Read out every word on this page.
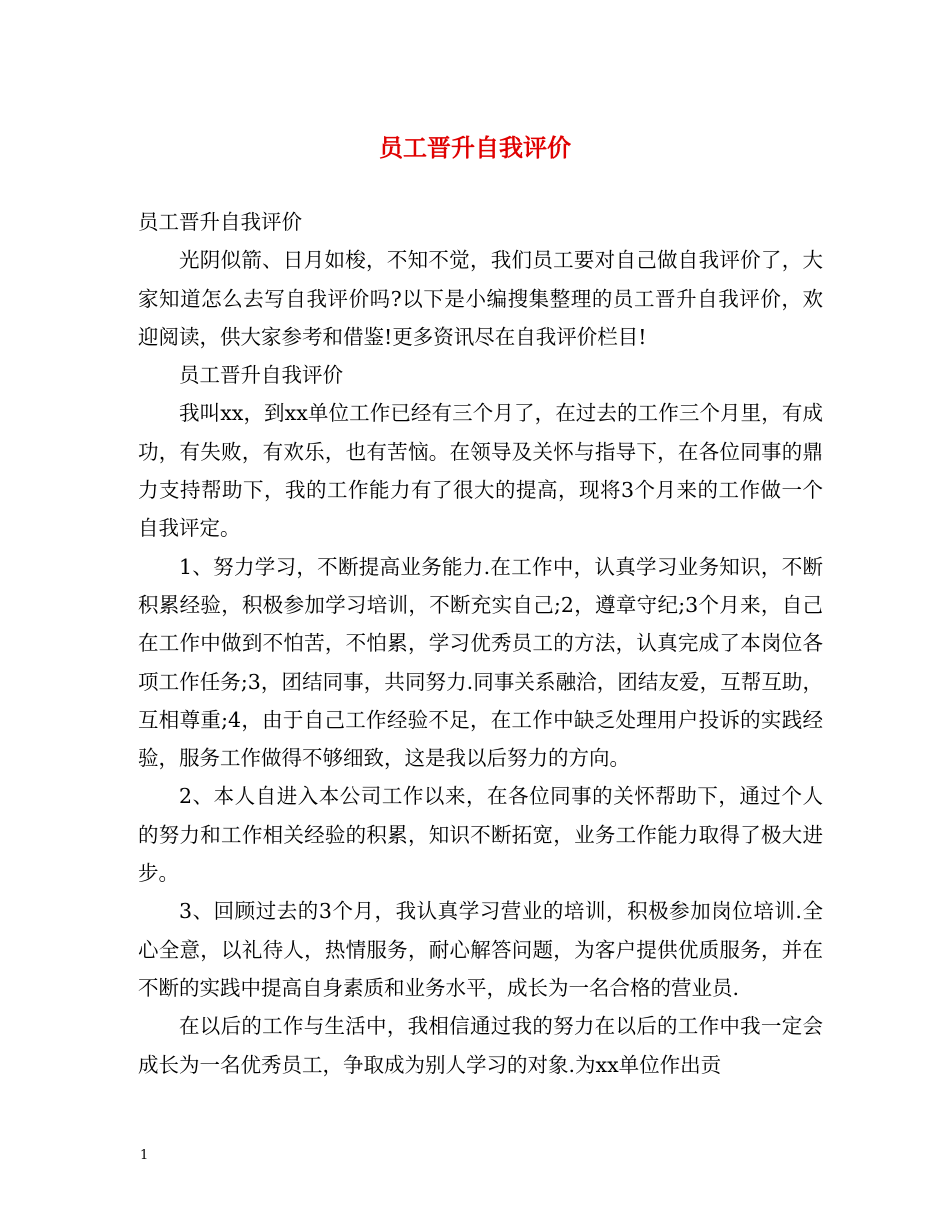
员工晋升自我评价

员工晋升自我评价

光阴似箭、日月如梭，不知不觉，我们员工要对自己做自我评价了，大家知道怎么去写自我评价吗?以下是小编搜集整理的员工晋升自我评价，欢迎阅读，供大家参考和借鉴!更多资讯尽在自我评价栏目!

员工晋升自我评价

我叫xx，到xx单位工作已经有三个月了，在过去的工作三个月里，有成功，有失败，有欢乐，也有苦恼。在领导及关怀与指导下，在各位同事的鼎力支持帮助下，我的工作能力有了很大的提高，现将3个月来的工作做一个自我评定。

1、努力学习，不断提高业务能力.在工作中，认真学习业务知识，不断积累经验，积极参加学习培训，不断充实自己;2，遵章守纪;3个月来，自己在工作中做到不怕苦，不怕累，学习优秀员工的方法，认真完成了本岗位各项工作任务;3，团结同事，共同努力.同事关系融洽，团结友爱，互帮互助，互相尊重;4，由于自己工作经验不足，在工作中缺乏处理用户投诉的实践经验，服务工作做得不够细致，这是我以后努力的方向。

2、本人自进入本公司工作以来，在各位同事的关怀帮助下，通过个人的努力和工作相关经验的积累，知识不断拓宽，业务工作能力取得了极大进步。

3、回顾过去的3个月，我认真学习营业的培训，积极参加岗位培训.全心全意，以礼待人，热情服务，耐心解答问题，为客户提供优质服务，并在不断的实践中提高自身素质和业务水平，成长为一名合格的营业员.

在以后的工作与生活中，我相信通过我的努力在以后的工作中我一定会成长为一名优秀员工，争取成为别人学习的对象.为xx单位作出贡

1
